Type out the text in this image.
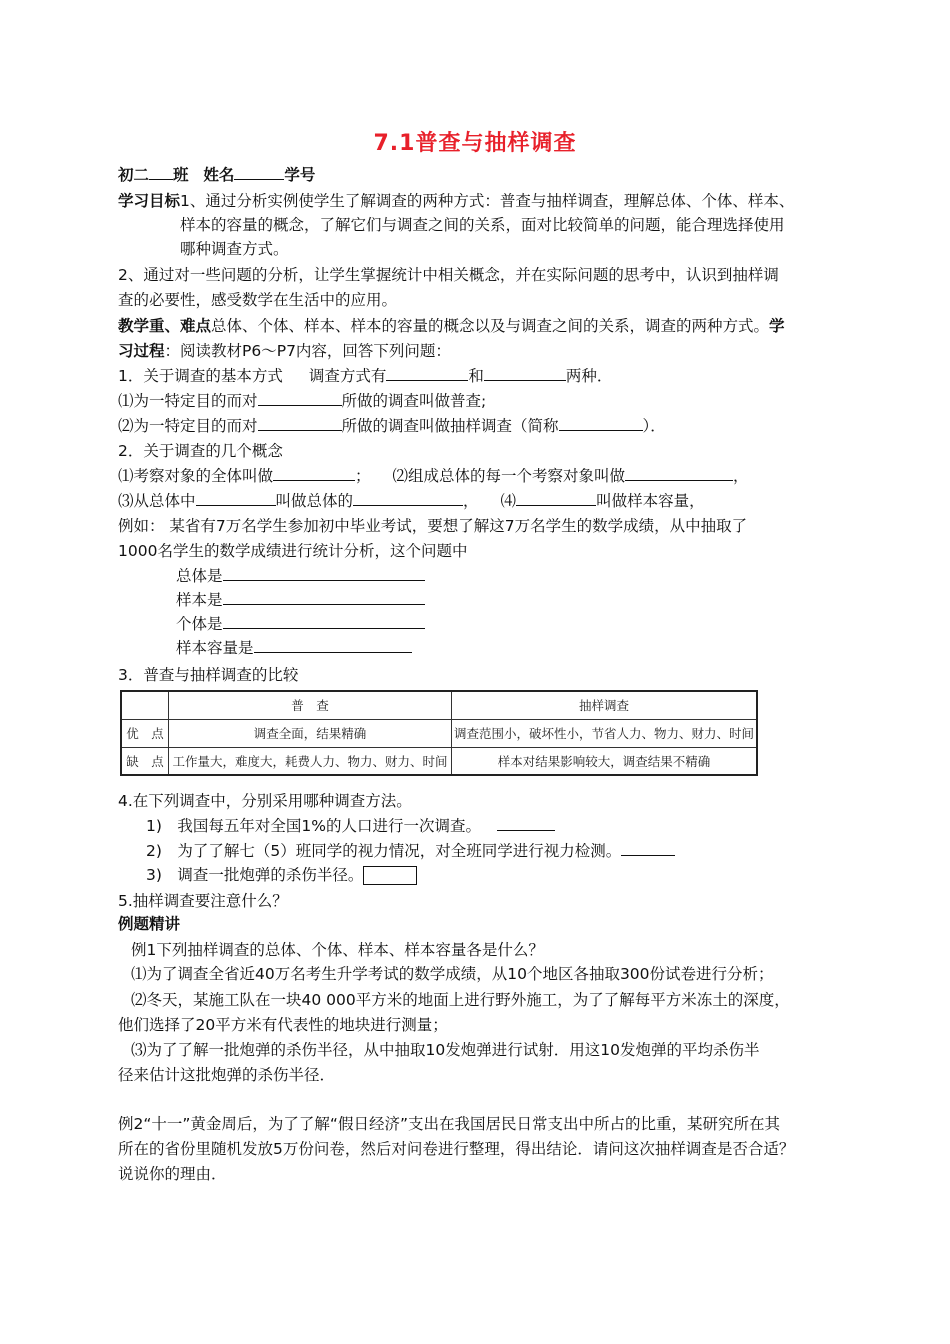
7.1普查与抽样调查
初二 班 姓名	学号
学习目标1、通过分析实例使学生了解调查的两种方式：普查与抽样调查，理解总体、个体、样本、
样本的容量的概念，了解它们与调查之间的关系，面对比较简单的问题，能合理选择使用
哪种调查方式。
2、通过对一些问题的分析，让学生掌握统计中相关概念，并在实际问题的思考中，认识到抽样调
查的必要性，感受数学在生活中的应用。
教学重、难点总体、个体、样本、样本的容量的概念以及与调查之间的关系，调查的两种方式。学
习过程：阅读教材P6～P7内容，回答下列问题：
1．关于调查的基本方式 调查方式有	和	两种．
⑴为一特定目的而对	所做的调查叫做普查;
⑵为一特定目的而对	所做的调查叫做抽样调查（简称	）．
2．关于调查的几个概念
⑴考察对象的全体叫做	； ⑵组成总体的每一个考察对象叫做	，
⑶从总体中	叫做总体的	， ⑷	叫做样本容量，
例如： 某省有7万名学生参加初中毕业考试，要想了解这7万名学生的数学成绩，从中抽取了
1000名学生的数学成绩进行统计分析，这个问题中
总体是
样本是
个体是
样本容量是
3．普查与抽样调查的比较
	普　查	抽样调查
优　点	调查全面，结果精确	调查范围小，破坏性小，节省人力、物力、财力、时间
缺　点	工作量大，难度大，耗费人力、物力、财力、时间	样本对结果影响较大，调查结果不精确
4.在下列调查中，分别采用哪种调查方法。
1)　我国每五年对全国1%的人口进行一次调查。
2)　为了了解七（5）班同学的视力情况，对全班同学进行视力检测。
3)　调查一批炮弹的杀伤半径。
5.抽样调查要注意什么？
例题精讲
例1下列抽样调查的总体、个体、样本、样本容量各是什么？
⑴为了调查全省近40万名考生升学考试的数学成绩，从10个地区各抽取300份试卷进行分析；
⑵冬天，某施工队在一块40 000平方米的地面上进行野外施工，为了了解每平方米冻土的深度，
他们选择了20平方米有代表性的地块进行测量；
⑶为了了解一批炮弹的杀伤半径，从中抽取10发炮弹进行试射．用这10发炮弹的平均杀伤半
径来估计这批炮弹的杀伤半径．
例2“十一”黄金周后，为了了解“假日经济”支出在我国居民日常支出中所占的比重，某研究所在其
所在的省份里随机发放5万份问卷，然后对问卷进行整理，得出结论．请问这次抽样调查是否合适？
说说你的理由．
